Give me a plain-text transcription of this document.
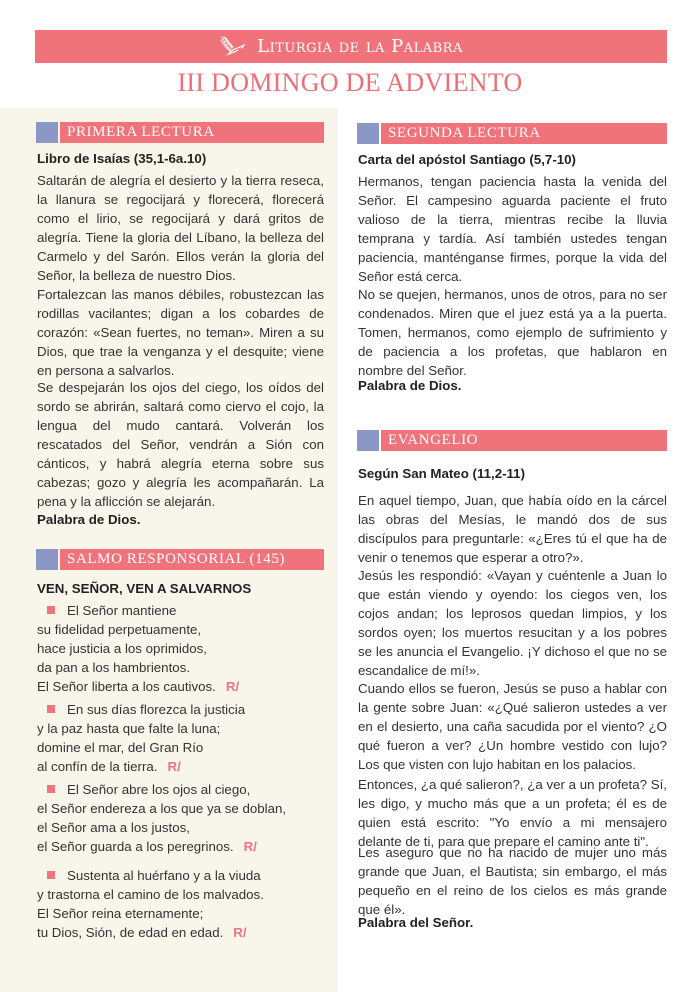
Liturgia de la Palabra
III DOMINGO DE ADVIENTO
PRIMERA LECTURA
Libro de Isaías (35,1-6a.10)
Saltarán de alegría el desierto y la tierra reseca, la llanura se regocijará y florecerá, florecerá como el lirio, se regocijará y dará gritos de alegría. Tiene la gloria del Líbano, la belleza del Carmelo y del Sarón. Ellos verán la gloria del Señor, la belleza de nuestro Dios.
Fortalezcan las manos débiles, robustezcan las rodillas vacilantes; digan a los cobardes de corazón: «Sean fuertes, no teman». Miren a su Dios, que trae la venganza y el desquite; viene en persona a salvarlos.
Se despejarán los ojos del ciego, los oídos del sordo se abrirán, saltará como ciervo el cojo, la lengua del mudo cantará. Volverán los rescatados del Señor, vendrán a Sión con cánticos, y habrá alegría eterna sobre sus cabezas; gozo y alegría les acompañarán. La pena y la aflicción se alejarán.
Palabra de Dios.
SALMO RESPONSORIAL (145)
VEN, SEÑOR, VEN A SALVARNOS
El Señor mantiene
su fidelidad perpetuamente,
hace justicia a los oprimidos,
da pan a los hambrientos.
El Señor liberta a los cautivos. R/
En sus días florezca la justicia
y la paz hasta que falte la luna;
domine el mar, del Gran Río
al confín de la tierra. R/
El Señor abre los ojos al ciego,
el Señor endereza a los que ya se doblan,
el Señor ama a los justos,
el Señor guarda a los peregrinos. R/
Sustenta al huérfano y a la viuda
y trastorna el camino de los malvados.
El Señor reina eternamente;
tu Dios, Sión, de edad en edad. R/
SEGUNDA LECTURA
Carta del apóstol Santiago (5,7-10)
Hermanos, tengan paciencia hasta la venida del Señor. El campesino aguarda paciente el fruto valioso de la tierra, mientras recibe la lluvia temprana y tardía. Así también ustedes tengan paciencia, manténganse firmes, porque la vida del Señor está cerca.
No se quejen, hermanos, unos de otros, para no ser condenados. Miren que el juez está ya a la puerta. Tomen, hermanos, como ejemplo de sufrimiento y de paciencia a los profetas, que hablaron en nombre del Señor.
Palabra de Dios.
EVANGELIO
Según San Mateo (11,2-11)
En aquel tiempo, Juan, que había oído en la cárcel las obras del Mesías, le mandó dos de sus discípulos para preguntarle: «¿Eres tú el que ha de venir o tenemos que esperar a otro?».
Jesús les respondió: «Vayan y cuéntenle a Juan lo que están viendo y oyendo: los ciegos ven, los cojos andan; los leprosos quedan limpios, y los sordos oyen; los muertos resucitan y a los pobres se les anuncia el Evangelio. ¡Y dichoso el que no se escandalice de mí!».
Cuando ellos se fueron, Jesús se puso a hablar con la gente sobre Juan: «¿Qué salieron ustedes a ver en el desierto, una caña sacudida por el viento? ¿O qué fueron a ver? ¿Un hombre vestido con lujo? Los que visten con lujo habitan en los palacios.
Entonces, ¿a qué salieron?, ¿a ver a un profeta? Sí, les digo, y mucho más que a un profeta; él es de quien está escrito: "Yo envío a mi mensajero delante de ti, para que prepare el camino ante ti".
Les aseguro que no ha nacido de mujer uno más grande que Juan, el Bautista; sin embargo, el más pequeño en el reino de los cielos es más grande que él».
Palabra del Señor.
